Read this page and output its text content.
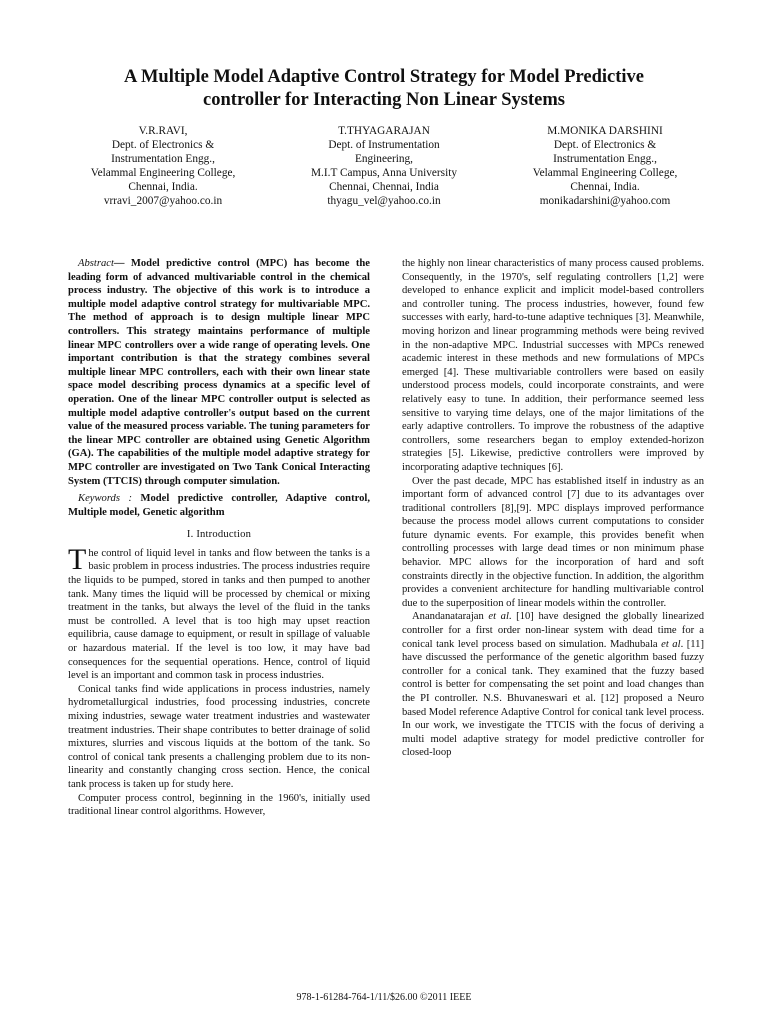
A Multiple Model Adaptive Control Strategy for Model Predictive
controller for Interacting Non Linear Systems
V.R.RAVI,
Dept. of Electronics &
Instrumentation Engg.,
Velammal Engineering College,
Chennai, India.
vrravi_2007@yahoo.co.in
T.THYAGARAJAN
Dept. of Instrumentation
Engineering,
M.I.T Campus, Anna University
Chennai, Chennai, India
thyagu_vel@yahoo.co.in
M.MONIKA DARSHINI
Dept. of Electronics &
Instrumentation Engg.,
Velammal Engineering College,
Chennai, India.
monikadarshini@yahoo.com

Abstract— Model predictive control (MPC) has become the leading form of advanced multivariable control in the chemical process industry. The objective of this work is to introduce a multiple model adaptive control strategy for multivariable MPC. The method of approach is to design multiple linear MPC controllers. This strategy maintains performance of multiple linear MPC controllers over a wide range of operating levels. One important contribution is that the strategy combines several multiple linear MPC controllers, each with their own linear state space model describing process dynamics at a specific level of operation. One of the linear MPC controller output is selected as multiple model adaptive controller's output based on the current value of the measured process variable. The tuning parameters for the linear MPC controller are obtained using Genetic Algorithm (GA). The capabilities of the multiple model adaptive strategy for MPC controller are investigated on Two Tank Conical Interacting System (TTCIS) through computer simulation.

Keywords : Model predictive controller, Adaptive control, Multiple model, Genetic algorithm

I. Introduction

The control of liquid level in tanks and flow between the tanks is a basic problem in process industries. The process industries require the liquids to be pumped, stored in tanks and then pumped to another tank. Many times the liquid will be processed by chemical or mixing treatment in the tanks, but always the level of the fluid in the tanks must be controlled. A level that is too high may upset reaction equilibria, cause damage to equipment, or result in spillage of valuable or hazardous material. If the level is too low, it may have bad consequences for the sequential operations. Hence, control of liquid level is an important and common task in process industries.

Conical tanks find wide applications in process industries, namely hydrometallurgical industries, food processing industries, concrete mixing industries, sewage water treatment industries and wastewater treatment industries. Their shape contributes to better drainage of solid mixtures, slurries and viscous liquids at the bottom of the tank. So control of conical tank presents a challenging problem due to its non-linearity and constantly changing cross section. Hence, the conical tank process is taken up for study here.

Computer process control, beginning in the 1960's, initially used traditional linear control algorithms. However,

the highly non linear characteristics of many process caused problems. Consequently, in the 1970's, self regulating controllers [1,2] were developed to enhance explicit and implicit model-based controllers and controller tuning. The process industries, however, found few successes with early, hard-to-tune adaptive techniques [3]. Meanwhile, moving horizon and linear programming methods were being revived in the non-adaptive MPC. Industrial successes with MPCs renewed academic interest in these methods and new formulations of MPCs emerged [4]. These multivariable controllers were based on easily understood process models, could incorporate constraints, and were relatively easy to tune. In addition, their performance seemed less sensitive to varying time delays, one of the major limitations of the early adaptive controllers. To improve the robustness of the adaptive controllers, some researchers began to employ extended-horizon strategies [5]. Likewise, predictive controllers were improved by incorporating adaptive techniques [6].

Over the past decade, MPC has established itself in industry as an important form of advanced control [7] due to its advantages over traditional controllers [8],[9]. MPC displays improved performance because the process model allows current computations to consider future dynamic events. For example, this provides benefit when controlling processes with large dead times or non minimum phase behavior. MPC allows for the incorporation of hard and soft constraints directly in the objective function. In addition, the algorithm provides a convenient architecture for handling multivariable control due to the superposition of linear models within the controller.

Anandanatarajan et al. [10] have designed the globally linearized controller for a first order non-linear system with dead time for a conical tank level process based on simulation. Madhubala et al. [11] have discussed the performance of the genetic algorithm based fuzzy controller for a conical tank. They examined that the fuzzy based control is better for compensating the set point and load changes than the PI controller. N.S. Bhuvaneswari et al. [12] proposed a Neuro based Model reference Adaptive Control for conical tank level process. In our work, we investigate the TTCIS with the focus of deriving a multi model adaptive strategy for model predictive controller for closed-loop

978-1-61284-764-1/11/$26.00 ©2011 IEEE
